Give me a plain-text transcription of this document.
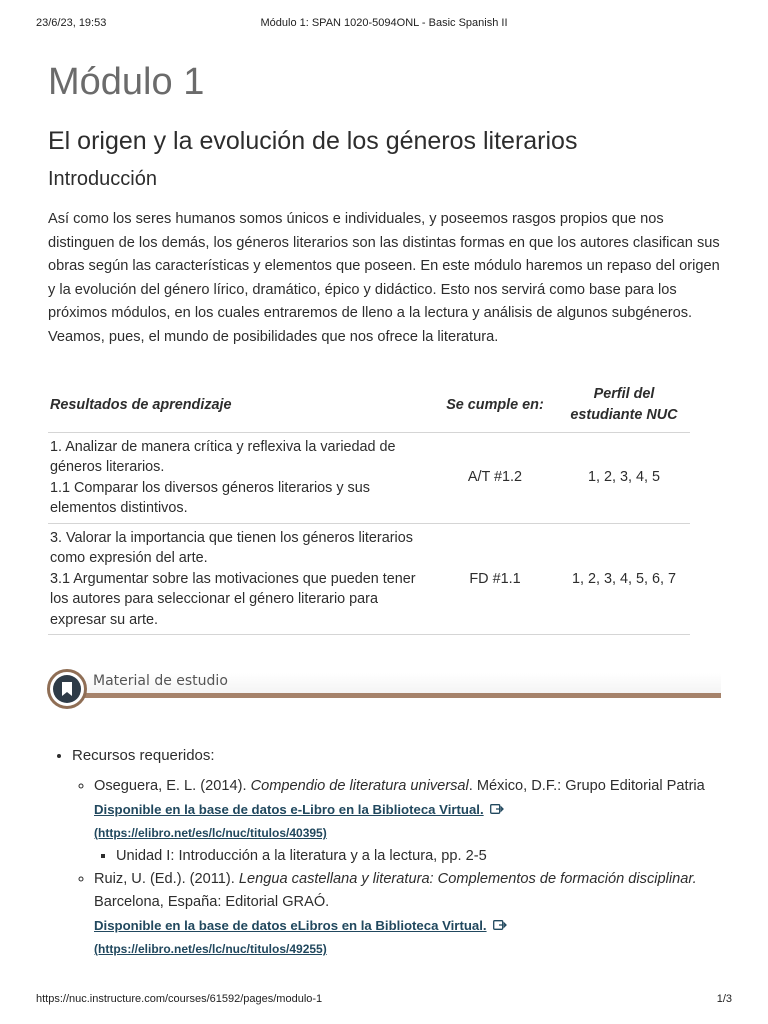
23/6/23, 19:53	Módulo 1: SPAN 1020-5094ONL - Basic Spanish II
Módulo 1
El origen y la evolución de los géneros literarios
Introducción

Así como los seres humanos somos únicos e individuales, y poseemos rasgos propios que nos distinguen de los demás, los géneros literarios son las distintas formas en que los autores clasifican sus obras según las características y elementos que poseen. En este módulo haremos un repaso del origen y la evolución del género lírico, dramático, épico y didáctico. Esto nos servirá como base para los próximos módulos, en los cuales entraremos de lleno a la lectura y análisis de algunos subgéneros. Veamos, pues, el mundo de posibilidades que nos ofrece la literatura.

Resultados de aprendizaje	Se cumple en:	Perfil del estudiante NUC

1. Analizar de manera crítica y reflexiva la variedad de géneros literarios.
1.1 Comparar los diversos géneros literarios y sus elementos distintivos.	A/T #1.2	1, 2, 3, 4, 5

3. Valorar la importancia que tienen los géneros literarios como expresión del arte.
3.1 Argumentar sobre las motivaciones que pueden tener los autores para seleccionar el género literario para expresar su arte.	FD #1.1	1, 2, 3, 4, 5, 6, 7
Material de estudio
• Recursos requeridos:
◦ Oseguera, E. L. (2014). Compendio de literatura universal. México, D.F.: Grupo Editorial Patria
Disponible en la base de datos e-Libro en la Biblioteca Virtual.
(https://elibro.net/es/lc/nuc/titulos/40395)
▪ Unidad I: Introducción a la literatura y a la lectura, pp. 2-5
◦ Ruiz, U. (Ed.). (2011). Lengua castellana y literatura: Complementos de formación disciplinar. Barcelona, España: Editorial GRAÓ.
Disponible en la base de datos eLibros en la Biblioteca Virtual.
(https://elibro.net/es/lc/nuc/titulos/49255)
https://nuc.instructure.com/courses/61592/pages/modulo-1	1/3
